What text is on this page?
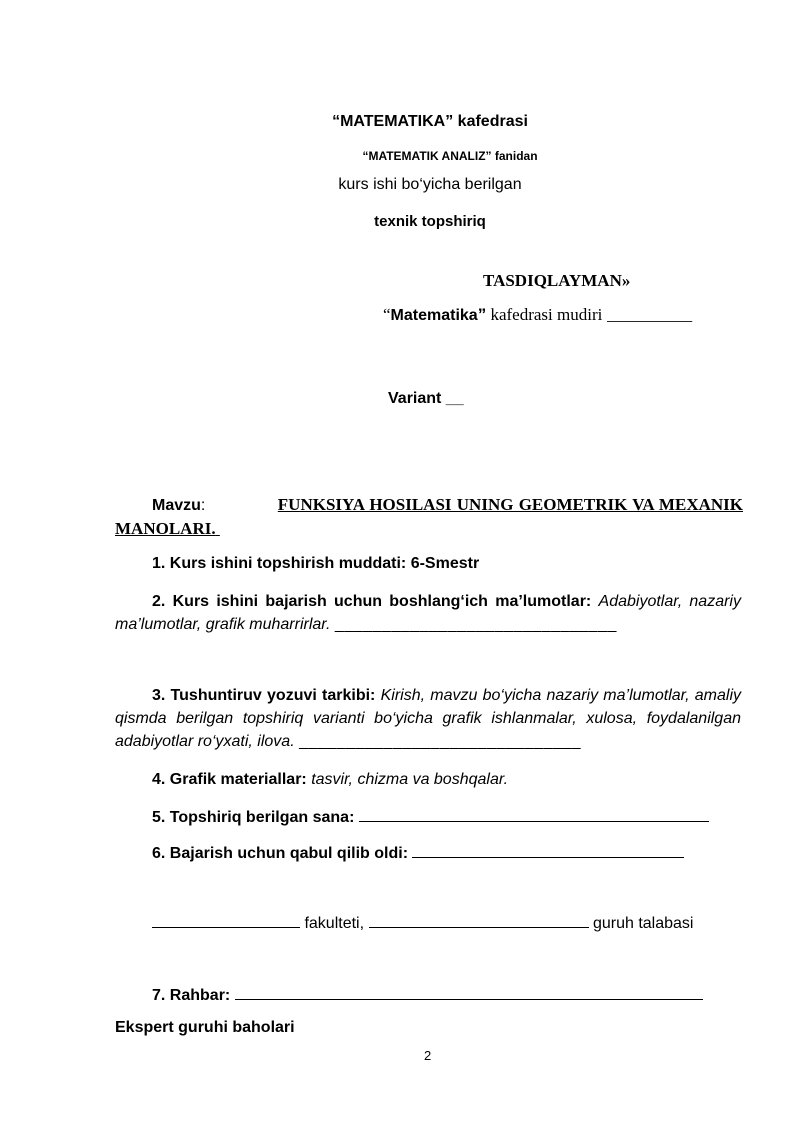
“MATEMATIKA” kafedrasi
“MATEMATIK ANALIZ” fanidan
kurs ishi bo‘yicha berilgan
texnik topshiriq
TASDIQLAYMAN»
“Matematika” kafedrasi mudiri __________
Variant __
Mavzu:	FUNKSIYA HOSILASI UNING GEOMETRIK VA MEXANIK
MANOLARI.
1. Kurs ishini topshirish muddati: 6-Smestr
2. Kurs ishini bajarish uchun boshlang‘ich ma’lumotlar: Adabiyotlar, nazariy ma’lumotlar, grafik muharrirlar. ______________________________
3. Tushuntiruv yozuvi tarkibi: Kirish, mavzu bo‘yicha nazariy ma’lumotlar, amaliy qismda berilgan topshiriq varianti bo‘yicha grafik ishlanmalar, xulosa, foydalanilgan adabiyotlar ro‘yxati, ilova. ______________________________
4. Grafik materiallar: tasvir, chizma va boshqalar.
5. Topshiriq berilgan sana:
6. Bajarish uchun qabul qilib oldi:
fakulteti,	guruh talabasi
7. Rahbar:
Ekspert guruhi baholari
2
